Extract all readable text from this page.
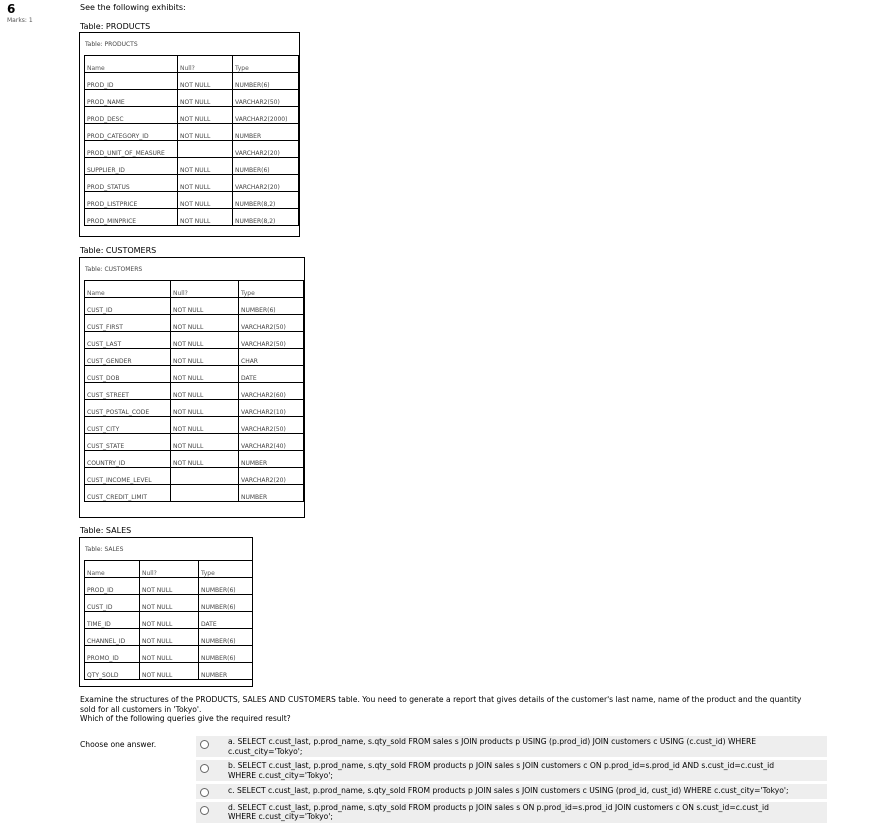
6
Marks: 1
See the following exhibits:
Table: PRODUCTS
Table: PRODUCTS
Name	Null?	Type
PROD_ID	NOT NULL	NUMBER(6)
PROD_NAME	NOT NULL	VARCHAR2(50)
PROD_DESC	NOT NULL	VARCHAR2(2000)
PROD_CATEGORY_ID	NOT NULL	NUMBER
PROD_UNIT_OF_MEASURE		VARCHAR2(20)
SUPPLIER_ID	NOT NULL	NUMBER(6)
PROD_STATUS	NOT NULL	VARCHAR2(20)
PROD_LISTPRICE	NOT NULL	NUMBER(8,2)
PROD_MINPRICE	NOT NULL	NUMBER(8,2)
Table: CUSTOMERS
Table: CUSTOMERS
Name	Null?	Type
CUST_ID	NOT NULL	NUMBER(6)
CUST_FIRST	NOT NULL	VARCHAR2(50)
CUST_LAST	NOT NULL	VARCHAR2(50)
CUST_GENDER	NOT NULL	CHAR
CUST_DOB	NOT NULL	DATE
CUST_STREET	NOT NULL	VARCHAR2(60)
CUST_POSTAL_CODE	NOT NULL	VARCHAR2(10)
CUST_CITY	NOT NULL	VARCHAR2(50)
CUST_STATE	NOT NULL	VARCHAR2(40)
COUNTRY_ID	NOT NULL	NUMBER
CUST_INCOME_LEVEL		VARCHAR2(20)
CUST_CREDIT_LIMIT		NUMBER
Table: SALES
Table: SALES
Name	Null?	Type
PROD_ID	NOT NULL	NUMBER(6)
CUST_ID	NOT NULL	NUMBER(6)
TIME_ID	NOT NULL	DATE
CHANNEL_ID	NOT NULL	NUMBER(6)
PROMO_ID	NOT NULL	NUMBER(6)
QTY_SOLD	NOT NULL	NUMBER
Examine the structures of the PRODUCTS, SALES AND CUSTOMERS table. You need to generate a report that gives details of the customer's last name, name of the product and the quantity
sold for all customers in 'Tokyo'.
Which of the following queries give the required result?
Choose one answer.	a. SELECT c.cust_last, p.prod_name, s.qty_sold FROM sales s JOIN products p USING (p.prod_id) JOIN customers c USING (c.cust_id) WHERE
c.cust_city='Tokyo';
b. SELECT c.cust_last, p.prod_name, s.qty_sold FROM products p JOIN sales s JOIN customers c ON p.prod_id=s.prod_id AND s.cust_id=c.cust_id
WHERE c.cust_city='Tokyo';
c. SELECT c.cust_last, p.prod_name, s.qty_sold FROM products p JOIN sales s JOIN customers c USING (prod_id, cust_id) WHERE c.cust_city='Tokyo';
d. SELECT c.cust_last, p.prod_name, s.qty_sold FROM products p JOIN sales s ON p.prod_id=s.prod_id JOIN customers c ON s.cust_id=c.cust_id
WHERE c.cust_city='Tokyo';
